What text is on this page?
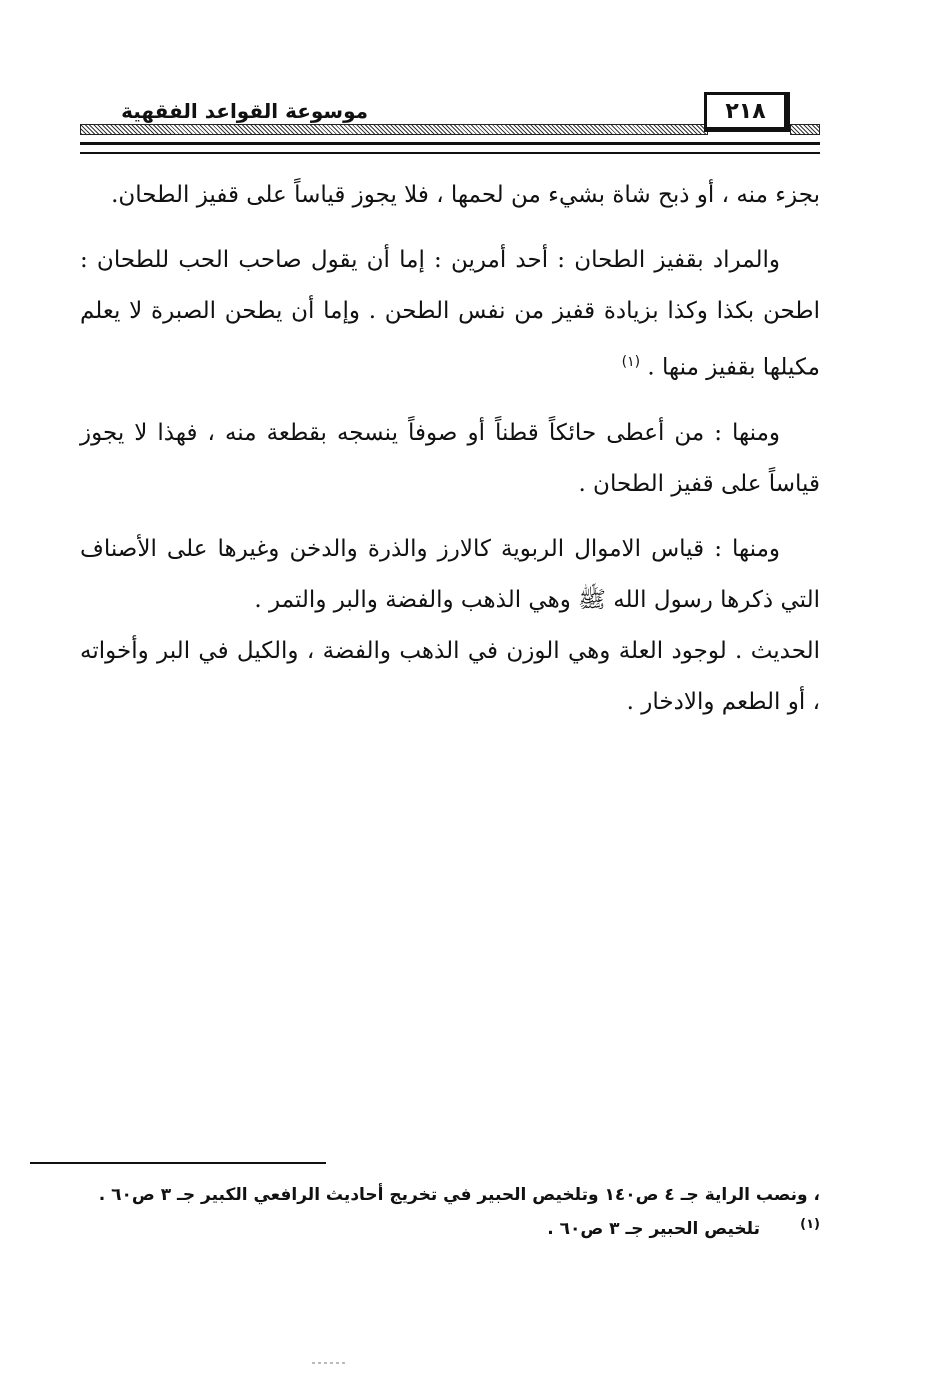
موسوعة القواعد الفقهية	٢١٨

بجزء منه ، أو ذبح شاة بشيء من لحمها ، فلا يجوز قياساً على قفيز الطحان.

والمراد بقفيز الطحان : أحد أمرين : إما أن يقول صاحب الحب للطحان : اطحن بكذا وكذا بزيادة قفيز من نفس الطحن . وإما أن يطحن الصبرة لا يعلم مكيلها بقفيز منها . $^{(١)}$

ومنها : من أعطى حائكاً قطناً أو صوفاً ينسجه بقطعة منه ، فهذا لا يجوز قياساً على قفيز الطحان .

ومنها : قياس الاموال الربوية كالارز والذرة والدخن وغيرها على الأصناف التي ذكرها رسول الله ﷺ وهي الذهب والفضة والبر والتمر .

الحديث . لوجود العلة وهي الوزن في الذهب والفضة ، والكيل في البر وأخواته ، أو الطعم والادخار .

، ونصب الراية جـ ٤ ص١٤٠ وتلخيص الحبير في تخريج أحاديث الرافعي الكبير جـ ٣ ص٦٠ .
(١)
تلخيص الحبير جـ ٣ ص٦٠ .
